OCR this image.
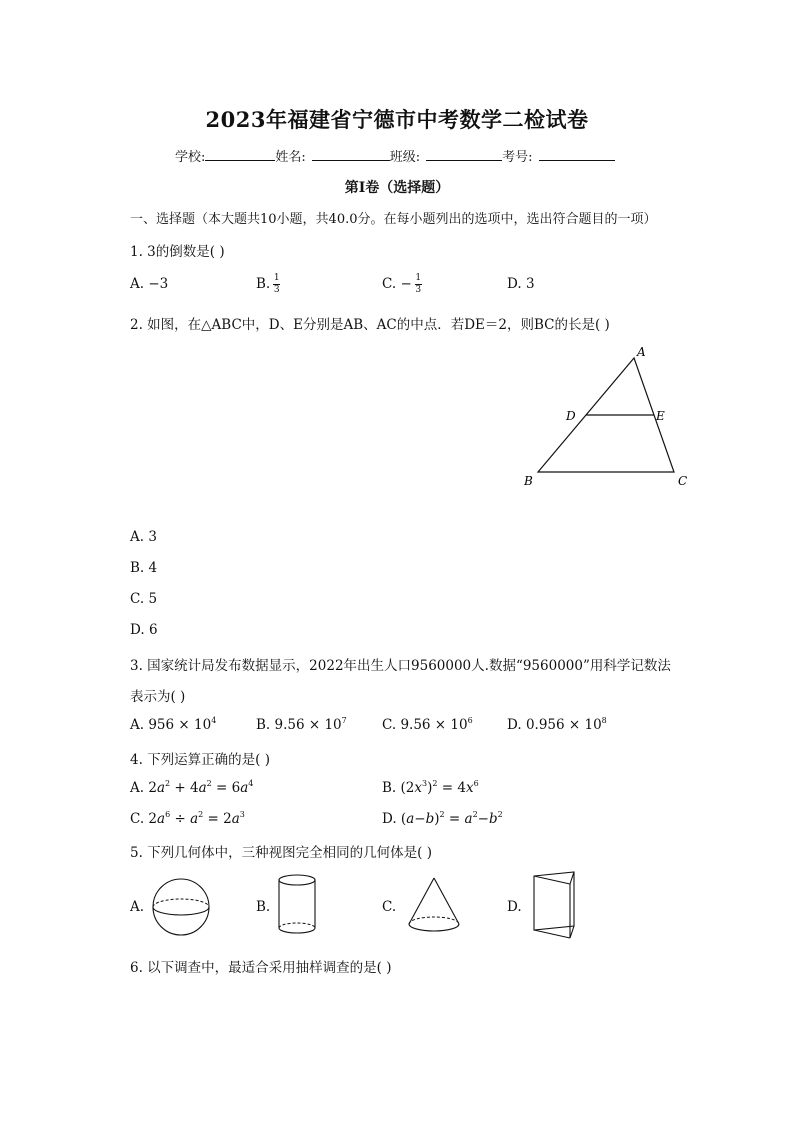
2023年福建省宁德市中考数学二检试卷
学校:	姓名:	班级:	考号:
第I卷（选择题）
一、选择题（本大题共10小题，共40.0分。在每小题列出的选项中，选出符合题目的一项）
1. 3的倒数是( )
A. −3	B. $\frac{1}{3}$	C. − $\frac{1}{3}$	D. 3
2. 如图，在△ABC中，D、E分别是AB、AC的中点．若DE＝2，则BC的长是( )
A
B	C
D	E
A. 3
B. 4
C. 5
D. 6
3. 国家统计局发布数据显示，2022年出生人口9560000人.数据“9560000”用科学记数法
表示为( )
A. $956 \times 10^4$	B. $9.56 \times 10^7$	C. $9.56 \times 10^6$	D. $0.956 \times 10^8$
4. 下列运算正确的是( )
A. $2a^2 + 4a^2 = 6a^4$	B. $(2x^3)^2 = 4x^6$
C. $2a^6 \div a^2 = 2a^3$	D. $(a-b)^2 = a^2-b^2$
5. 下列几何体中，三种视图完全相同的几何体是( )
A.	B.	C.	D.
6. 以下调查中，最适合采用抽样调查的是( )
